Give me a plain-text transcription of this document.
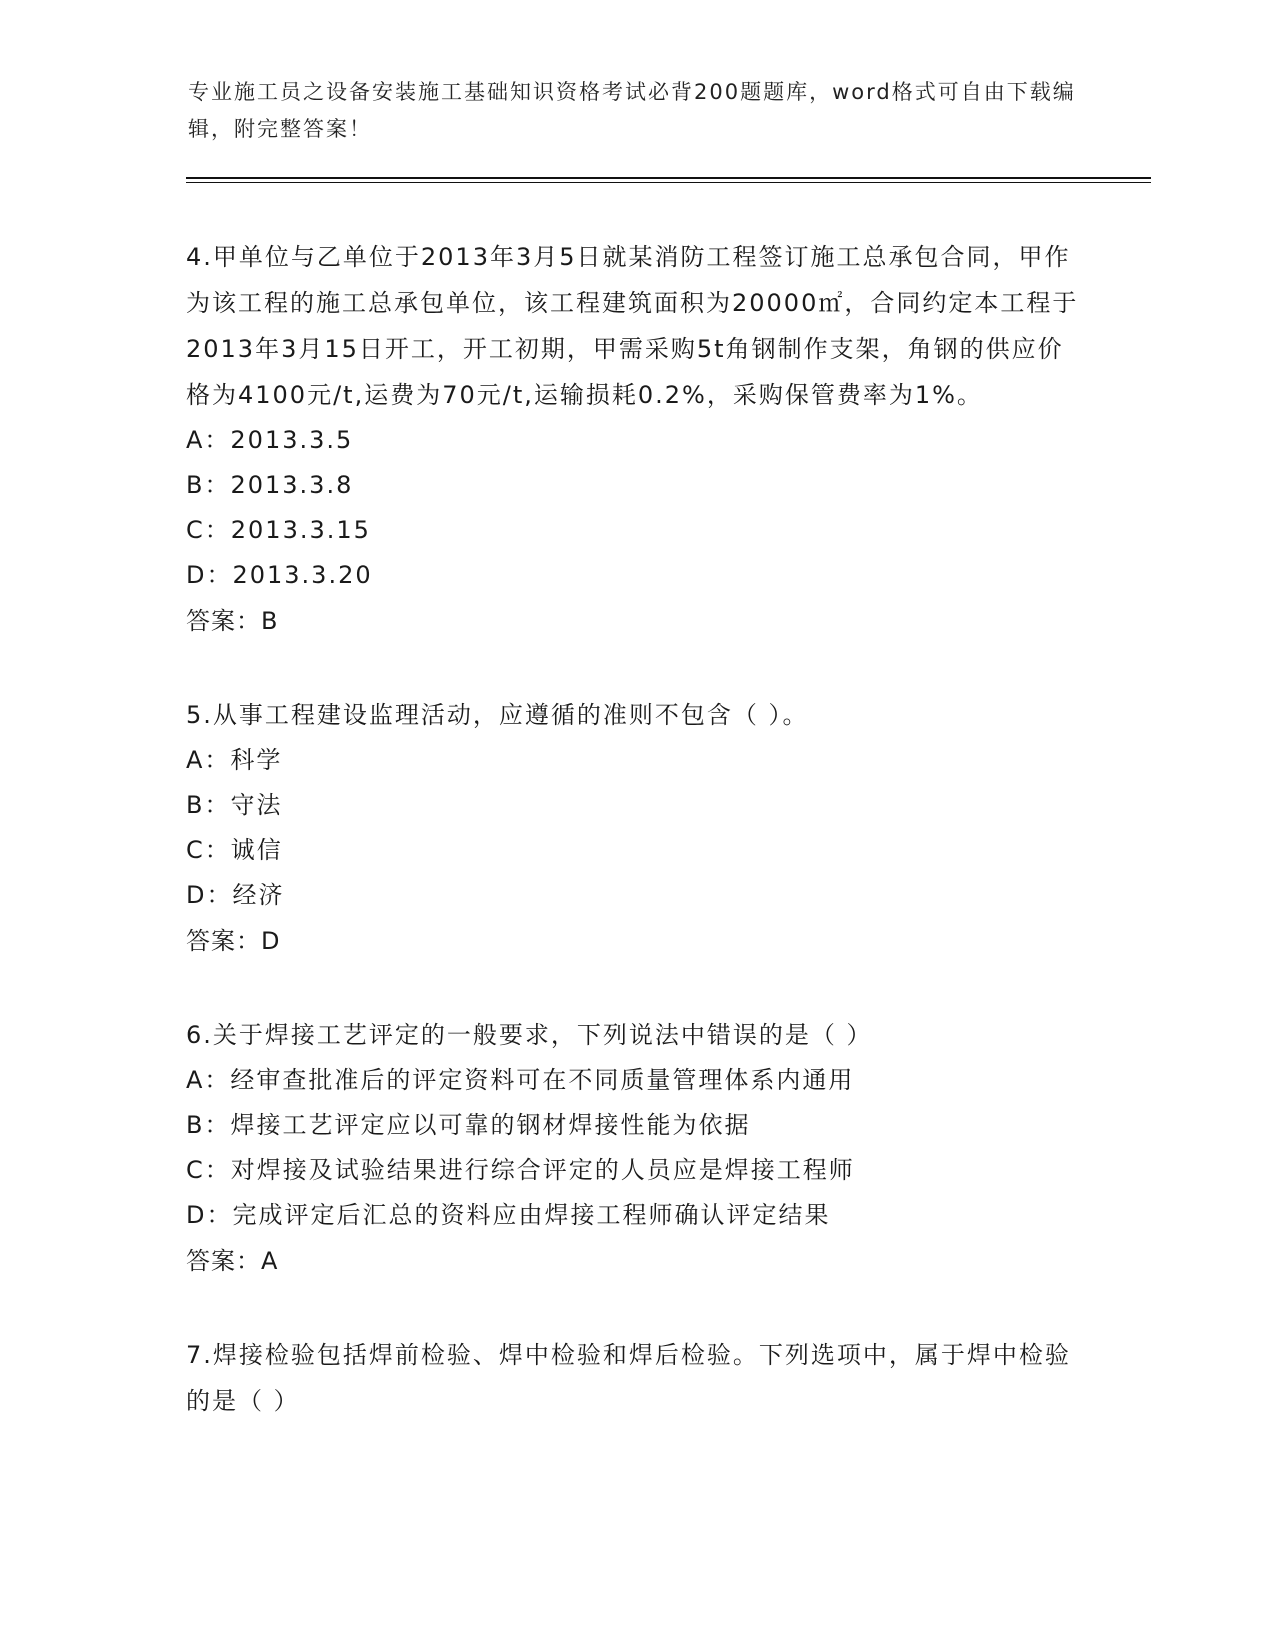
专业施工员之设备安装施工基础知识资格考试必背200题题库，word格式可自由下载编辑，附完整答案！

4.甲单位与乙单位于2013年3月5日就某消防工程签订施工总承包合同，甲作为该工程的施工总承包单位，该工程建筑面积为20000㎡，合同约定本工程于2013年3月15日开工，开工初期，甲需采购5t角钢制作支架，角钢的供应价格为4100元/t,运费为70元/t,运输损耗0.2%，采购保管费率为1%。

A：2013.3.5

B：2013.3.8

C：2013.3.15

D：2013.3.20

答案：B

5.从事工程建设监理活动，应遵循的准则不包含（ ）。

A：科学

B：守法

C：诚信

D：经济

答案：D

6.关于焊接工艺评定的一般要求，下列说法中错误的是（ ）

A：经审查批准后的评定资料可在不同质量管理体系内通用

B：焊接工艺评定应以可靠的钢材焊接性能为依据

C：对焊接及试验结果进行综合评定的人员应是焊接工程师

D：完成评定后汇总的资料应由焊接工程师确认评定结果

答案：A

7.焊接检验包括焊前检验、焊中检验和焊后检验。下列选项中，属于焊中检验的是（ ）
